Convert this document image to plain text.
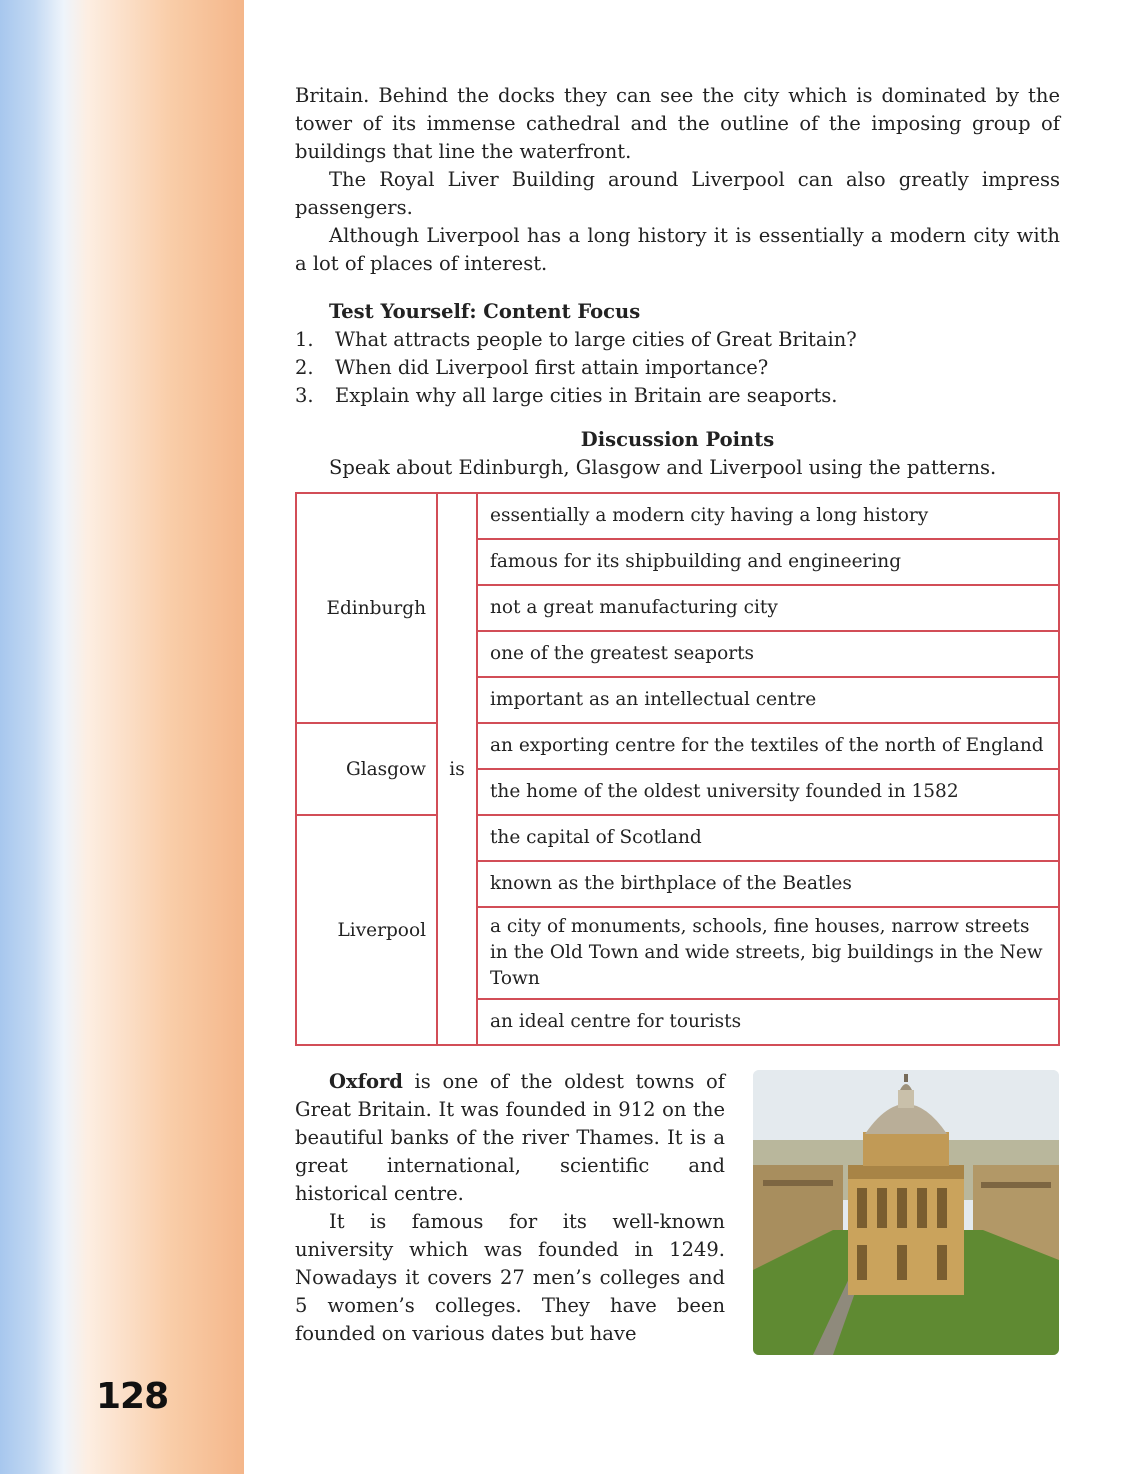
128

Britain. Behind the docks they can see the city which is dominated by the tower of its immense cathedral and the outline of the imposing group of buildings that line the waterfront.

The Royal Liver Building around Liverpool can also greatly impress passengers.

Although Liverpool has a long history it is essentially a modern city with a lot of places of interest.

Test Yourself: Content Focus
1.	What attracts people to large cities of Great Britain?
2.	When did Liverpool first attain importance?
3.	Explain why all large cities in Britain are seaports.
Discussion Points

Speak about Edinburgh, Glasgow and Liverpool using the patterns.

Edinburgh	is	essentially a modern city having a long history
		famous for its shipbuilding and engineering
		not a great manufacturing city
		one of the greatest seaports
		important as an intellectual centre
Glasgow		an exporting centre for the textiles of the north of England
		the home of the oldest university founded in 1582
Liverpool		the capital of Scotland
		known as the birthplace of the Beatles
		a city of monuments, schools, fine houses, narrow streets in the Old Town and wide streets, big buildings in the New Town
		an ideal centre for tourists

Oxford is one of the oldest towns of Great Britain. It was founded in 912 on the beautiful banks of the river Thames. It is a great international, scientific and historical centre.

It is famous for its well-known university which was founded in 1249. Nowadays it covers 27 men’s colleges and 5 women’s colleges. They have been founded on various dates but have
